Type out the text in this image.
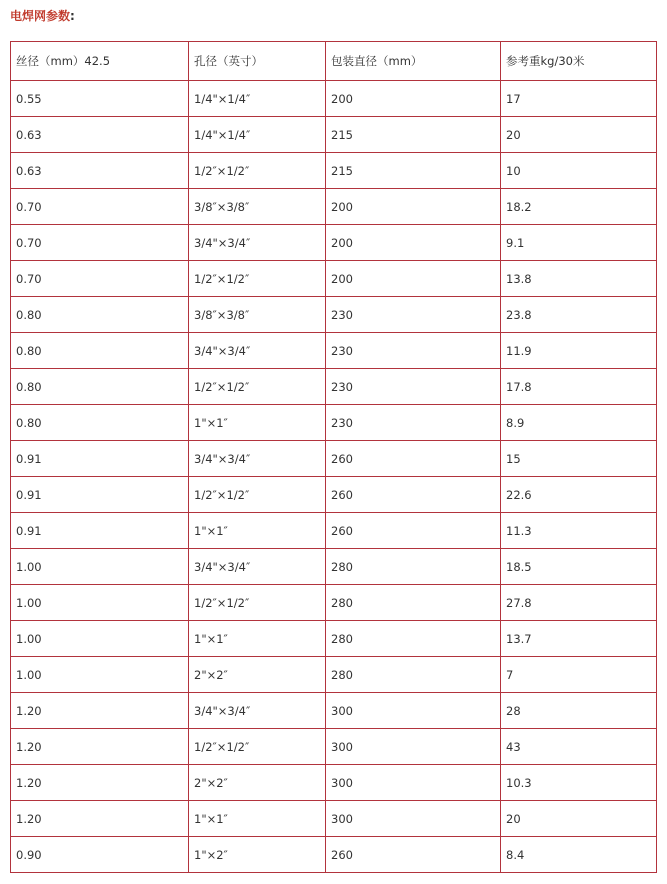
电焊网参数:
丝径（mm）42.5	孔径（英寸）	包装直径（mm）	参考重kg/30米
0.55	1/4"×1/4″	200	17
0.63	1/4"×1/4″	215	20
0.63	1/2″×1/2″	215	10
0.70	3/8″×3/8″	200	18.2
0.70	3/4"×3/4″	200	9.1
0.70	1/2″×1/2″	200	13.8
0.80	3/8″×3/8″	230	23.8
0.80	3/4"×3/4″	230	11.9
0.80	1/2″×1/2″	230	17.8
0.80	1"×1″	230	8.9
0.91	3/4"×3/4″	260	15
0.91	1/2″×1/2″	260	22.6
0.91	1"×1″	260	11.3
1.00	3/4"×3/4″	280	18.5
1.00	1/2″×1/2″	280	27.8
1.00	1"×1″	280	13.7
1.00	2"×2″	280	7
1.20	3/4"×3/4″	300	28
1.20	1/2″×1/2″	300	43
1.20	2"×2″	300	10.3
1.20	1"×1″	300	20
0.90	1"×2″	260	8.4
